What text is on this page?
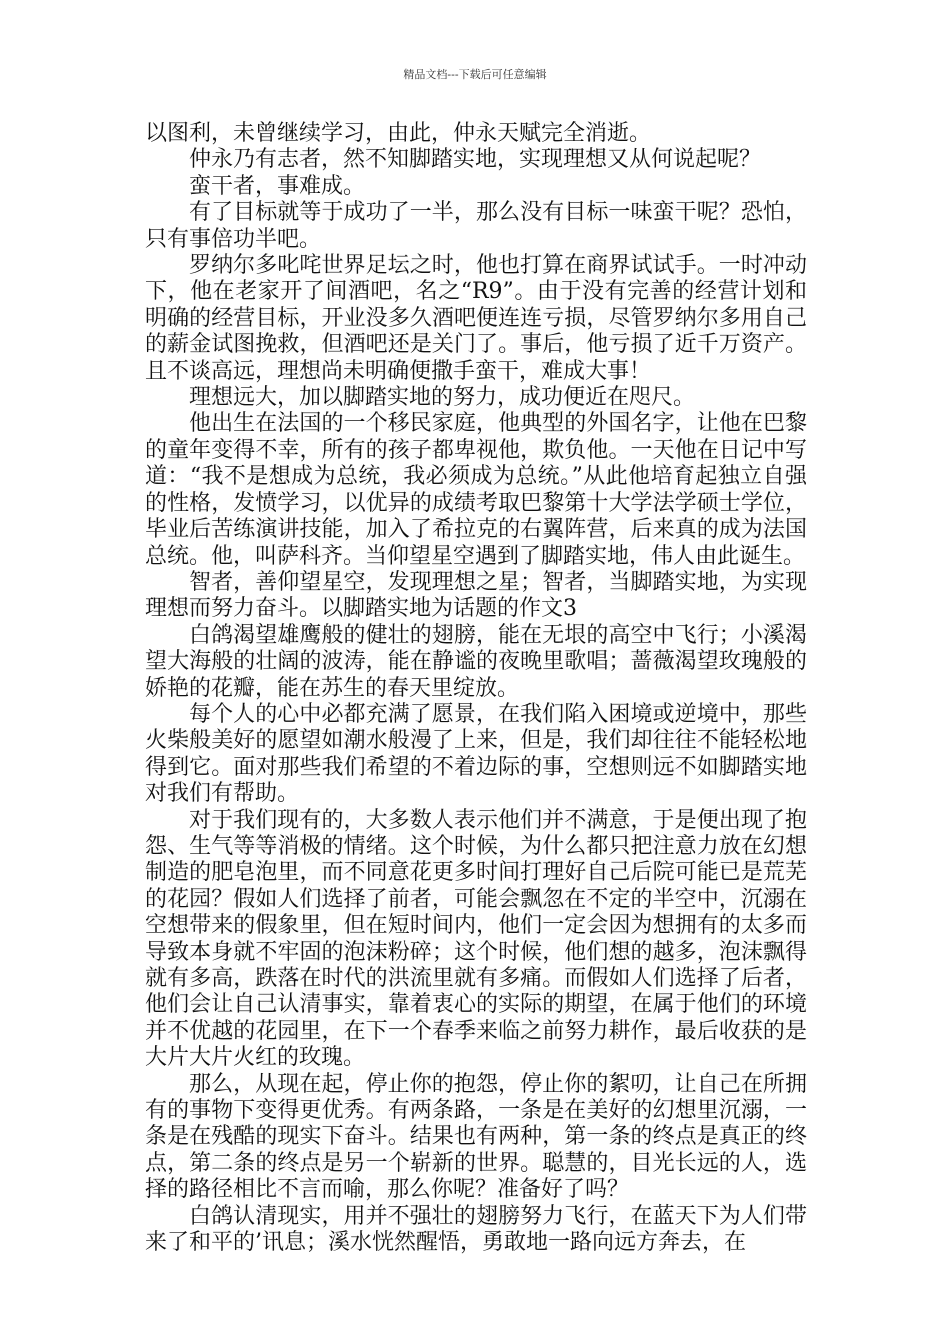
精品文档---下载后可任意编辑

以图利，未曾继续学习，由此，仲永天赋完全消逝。

仲永乃有志者，然不知脚踏实地，实现理想又从何说起呢？

蛮干者，事难成。

有了目标就等于成功了一半，那么没有目标一味蛮干呢？恐怕，只有事倍功半吧。

罗纳尔多叱咤世界足坛之时，他也打算在商界试试手。一时冲动下，他在老家开了间酒吧，名之“R9”。由于没有完善的经营计划和明确的经营目标，开业没多久酒吧便连连亏损，尽管罗纳尔多用自己的薪金试图挽救，但酒吧还是关门了。事后，他亏损了近千万资产。且不谈高远，理想尚未明确便撒手蛮干，难成大事！

理想远大，加以脚踏实地的努力，成功便近在咫尺。

他出生在法国的一个移民家庭，他典型的外国名字，让他在巴黎的童年变得不幸，所有的孩子都卑视他，欺负他。一天他在日记中写道：“我不是想成为总统，我必须成为总统。”从此他培育起独立自强的性格，发愤学习，以优异的成绩考取巴黎第十大学法学硕士学位，毕业后苦练演讲技能，加入了希拉克的右翼阵营，后来真的成为法国总统。他，叫萨科齐。当仰望星空遇到了脚踏实地，伟人由此诞生。

智者，善仰望星空，发现理想之星；智者，当脚踏实地，为实现理想而努力奋斗。以脚踏实地为话题的作文3

白鸽渴望雄鹰般的健壮的翅膀，能在无垠的高空中飞行；小溪渴望大海般的壮阔的波涛，能在静谧的夜晚里歌唱；蔷薇渴望玫瑰般的娇艳的花瓣，能在苏生的春天里绽放。

每个人的心中必都充满了愿景，在我们陷入困境或逆境中，那些火柴般美好的愿望如潮水般漫了上来，但是，我们却往往不能轻松地得到它。面对那些我们希望的不着边际的事，空想则远不如脚踏实地对我们有帮助。

对于我们现有的，大多数人表示他们并不满意，于是便出现了抱怨、生气等等消极的情绪。这个时候，为什么都只把注意力放在幻想制造的肥皂泡里，而不同意花更多时间打理好自己后院可能已是荒芜的花园？假如人们选择了前者，可能会飘忽在不定的半空中，沉溺在空想带来的假象里，但在短时间内，他们一定会因为想拥有的太多而导致本身就不牢固的泡沫粉碎；这个时候，他们想的越多，泡沫飘得就有多高，跌落在时代的洪流里就有多痛。而假如人们选择了后者，他们会让自己认清事实，靠着衷心的实际的期望，在属于他们的环境并不优越的花园里，在下一个春季来临之前努力耕作，最后收获的是大片大片火红的玫瑰。

那么，从现在起，停止你的抱怨，停止你的絮叨，让自己在所拥有的事物下变得更优秀。有两条路，一条是在美好的幻想里沉溺，一条是在残酷的现实下奋斗。结果也有两种，第一条的终点是真正的终点，第二条的终点是另一个崭新的世界。聪慧的，目光长远的人，选择的路径相比不言而喻，那么你呢？准备好了吗？

白鸽认清现实，用并不强壮的翅膀努力飞行，在蓝天下为人们带来了和平的’讯息；溪水恍然醒悟，勇敢地一路向远方奔去，在
